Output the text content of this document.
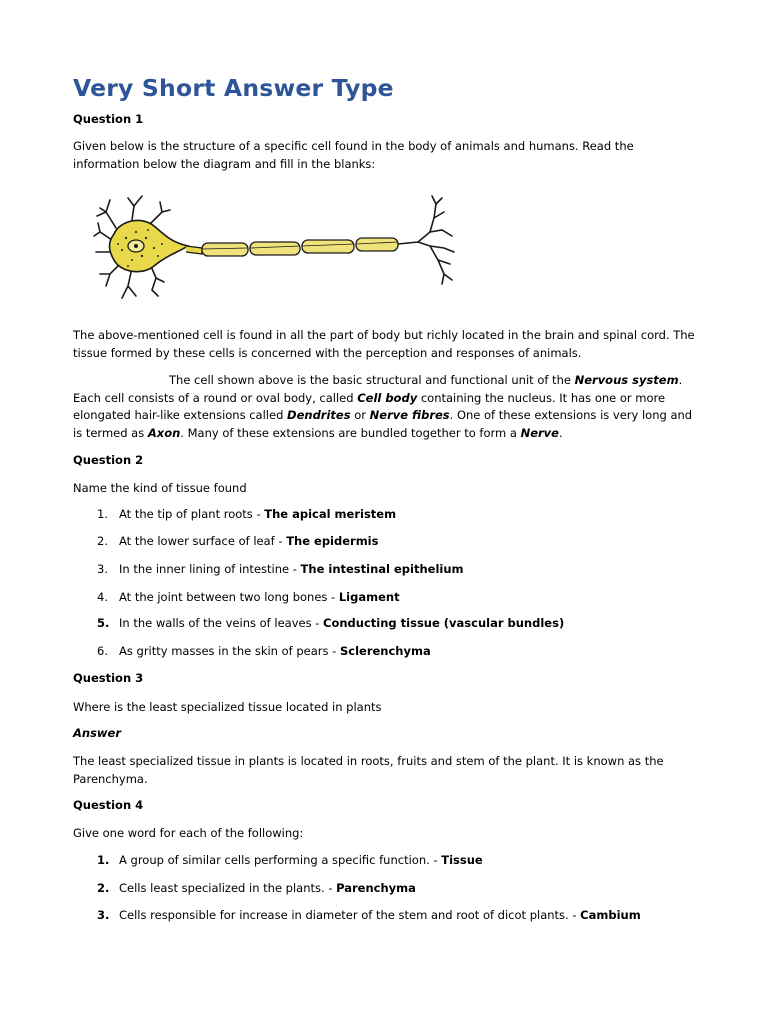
Very Short Answer Type

Question 1

Given below is the structure of a specific cell found in the body of animals and humans. Read the information below the diagram and fill in the blanks:

The above-mentioned cell is found in all the part of body but richly located in the brain and spinal cord. The tissue formed by these cells is concerned with the perception and responses of animals.

The cell shown above is the basic structural and functional unit of the Nervous system. Each cell consists of a round or oval body, called Cell body containing the nucleus. It has one or more elongated hair-like extensions called Dendrites or Nerve fibres. One of these extensions is very long and is termed as Axon. Many of these extensions are bundled together to form a Nerve.

Question 2

Name the kind of tissue found

1. At the tip of plant roots - The apical meristem

2. At the lower surface of leaf - The epidermis

3. In the inner lining of intestine - The intestinal epithelium

4. At the joint between two long bones - Ligament

5. In the walls of the veins of leaves - Conducting tissue (vascular bundles)

6. As gritty masses in the skin of pears - Sclerenchyma

Question 3

Where is the least specialized tissue located in plants

Answer

The least specialized tissue in plants is located in roots, fruits and stem of the plant. It is known as the Parenchyma.

Question 4

Give one word for each of the following:

1. A group of similar cells performing a specific function. - Tissue

2. Cells least specialized in the plants. - Parenchyma

3. Cells responsible for increase in diameter of the stem and root of dicot plants. - Cambium
